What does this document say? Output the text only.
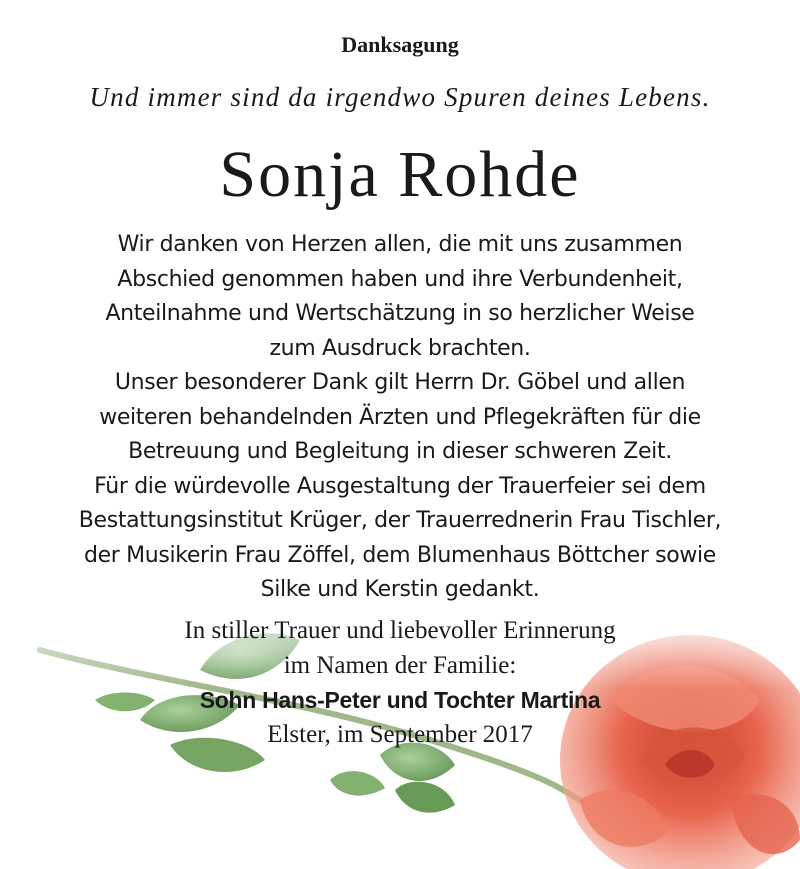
Danksagung
Und immer sind da irgendwo Spuren deines Lebens.
Sonja Rohde

Wir danken von Herzen allen, die mit uns zusammen
Abschied genommen haben und ihre Verbundenheit,
Anteilnahme und Wertschätzung in so herzlicher Weise
zum Ausdruck brachten.

Unser besonderer Dank gilt Herrn Dr. Göbel und allen
weiteren behandelnden Ärzten und Pflegekräften für die
Betreuung und Begleitung in dieser schweren Zeit.

Für die würdevolle Ausgestaltung der Trauerfeier sei dem
Bestattungsinstitut Krüger, der Trauerrednerin Frau Tischler,
der Musikerin Frau Zöffel, dem Blumenhaus Böttcher sowie
Silke und Kerstin gedankt.

In stiller Trauer und liebevoller Erinnerung
im Namen der Familie:
Sohn Hans-Peter und Tochter Martina
Elster, im September 2017
